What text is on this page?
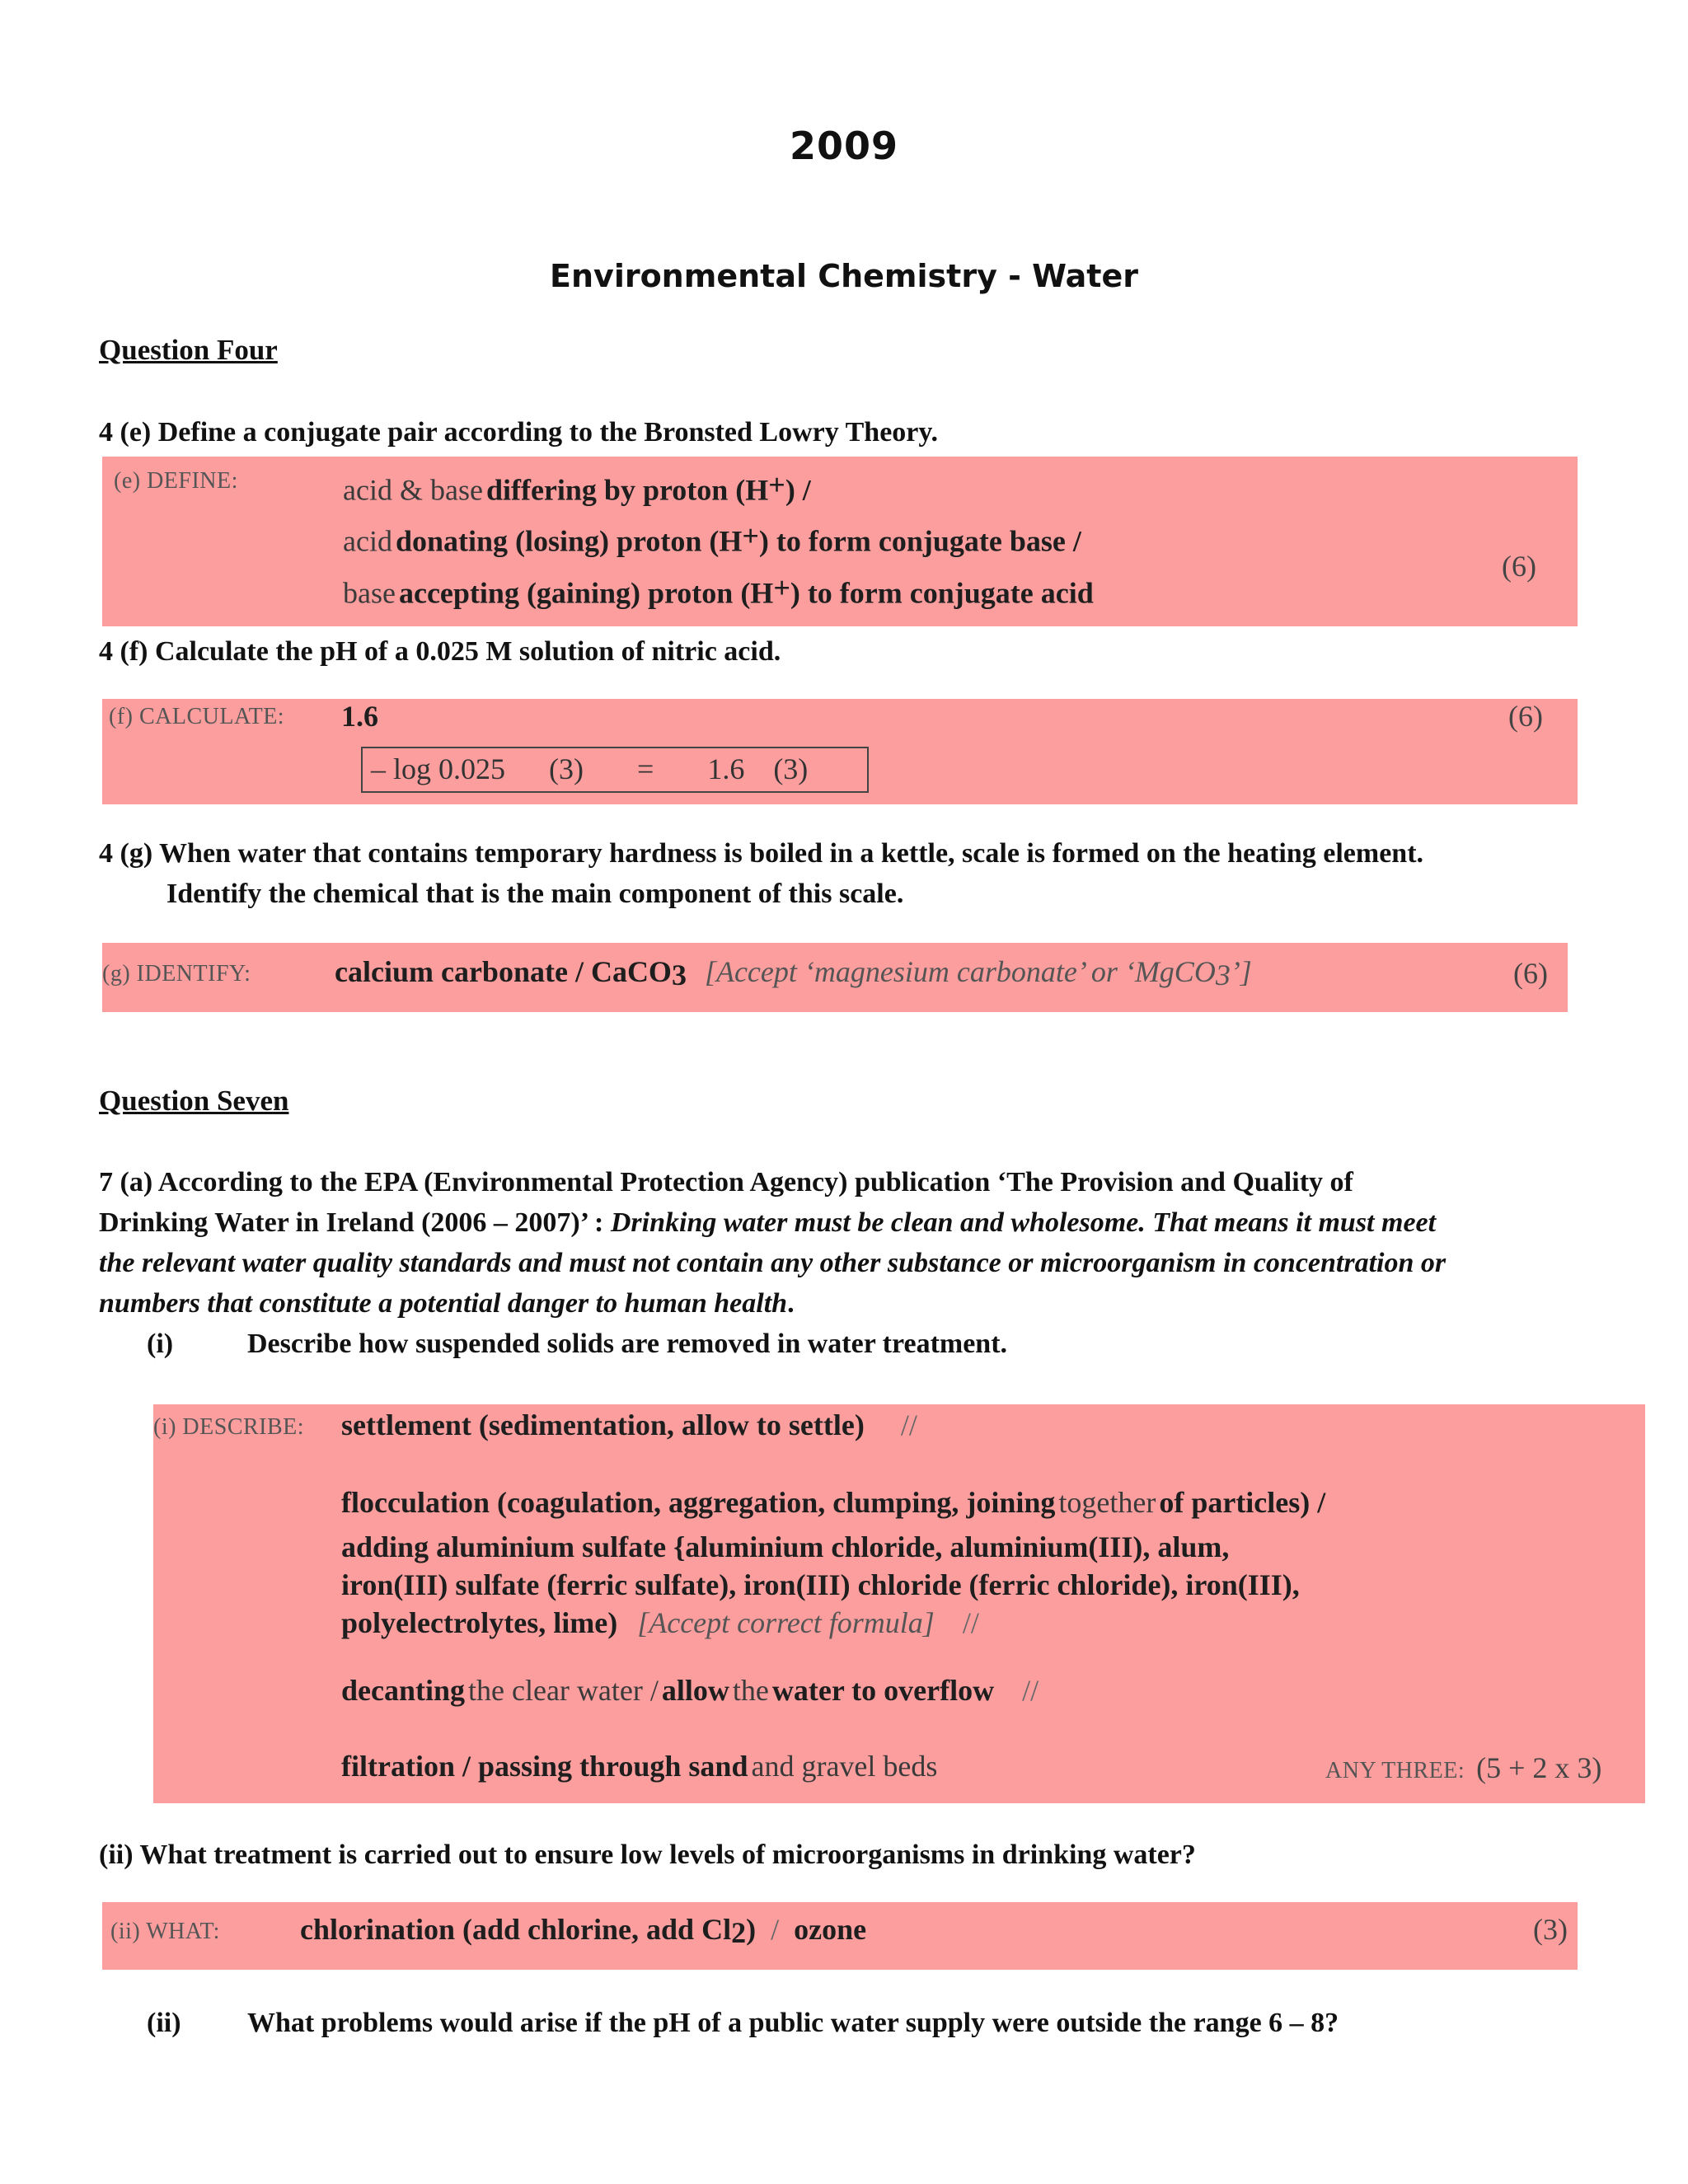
2009
Environmental Chemistry - Water
Question Four
4 (e) Define a conjugate pair according to the Bronsted Lowry Theory.
(e) DEFINE:	acid & base differing by proton (H+) /
acid donating (losing) proton (H+) to form conjugate base /
base accepting (gaining) proton (H+) to form conjugate acid
(6)
4 (f) Calculate the pH of a 0.025 M solution of nitric acid.
(f) CALCULATE: 1.6	(6)
– log 0.025 (3) = 1.6 (3)
4 (g) When water that contains temporary hardness is boiled in a kettle, scale is formed on the heating element.
Identify the chemical that is the main component of this scale.
(g) IDENTIFY:	calcium carbonate / CaCO$_3$ [Accept ‘magnesium carbonate’ or ‘MgCO$_3$’]	(6)
Question Seven
7 (a) According to the EPA (Environmental Protection Agency) publication ‘The Provision and Quality of
Drinking Water in Ireland (2006 – 2007)’ : Drinking water must be clean and wholesome. That means it must meet
the relevant water quality standards and must not contain any other substance or microorganism in concentration or
numbers that constitute a potential danger to human health.
(i)	Describe how suspended solids are removed in water treatment.
(i) DESCRIBE: settlement (sedimentation, allow to settle) //
flocculation (coagulation, aggregation, clumping, joining together of particles) /
adding aluminium sulfate {aluminium chloride, aluminium(III), alum,
iron(III) sulfate (ferric sulfate), iron(III) chloride (ferric chloride), iron(III),
polyelectrolytes, lime) [Accept correct formula] //
decanting the clear water / allow the water to overflow //
filtration / passing through sand and gravel beds	ANY THREE: (5 + 2 x 3)
(ii) What treatment is carried out to ensure low levels of microorganisms in drinking water?
(ii) WHAT:	chlorination (add chlorine, add $Cl_2$) / ozone	(3)
(ii) What problems would arise if the pH of a public water supply were outside the range 6 – 8?
